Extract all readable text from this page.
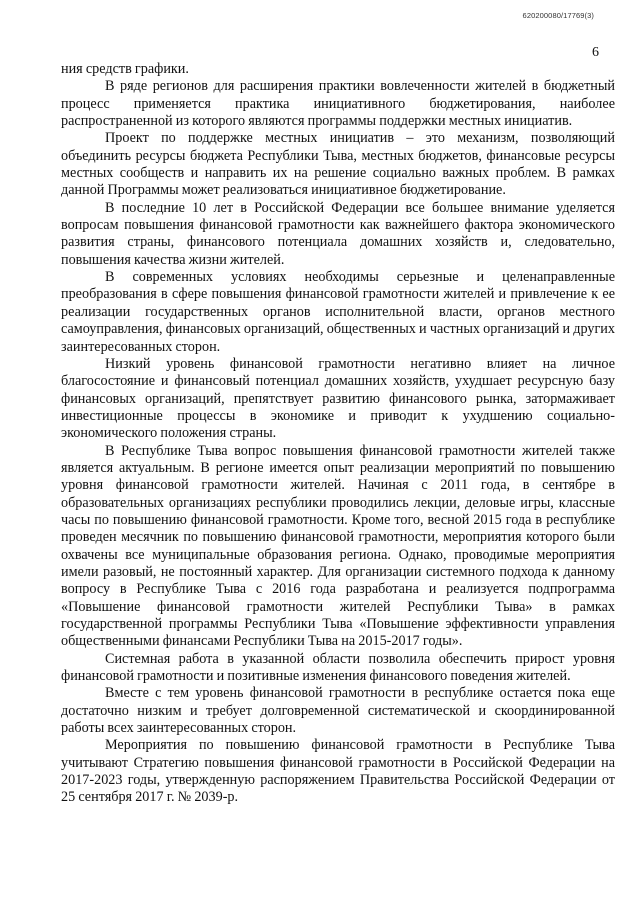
620200080/17769(3)
6

ния средств графики.

В ряде регионов для расширения практики вовлеченности жителей в бюджетный процесс применяется практика инициативного бюджетирования, наиболее распространенной из которого являются программы поддержки местных инициатив.

Проект по поддержке местных инициатив – это механизм, позволяющий объединить ресурсы бюджета Республики Тыва, местных бюджетов, финансовые ресурсы местных сообществ и направить их на решение социально важных проблем. В рамках данной Программы может реализоваться инициативное бюджетирование.

В последние 10 лет в Российской Федерации все большее внимание уделяется вопросам повышения финансовой грамотности как важнейшего фактора экономического развития страны, финансового потенциала домашних хозяйств и, следовательно, повышения качества жизни жителей.

В современных условиях необходимы серьезные и целенаправленные преобразования в сфере повышения финансовой грамотности жителей и привлечение к ее реализации государственных органов исполнительной власти, органов местного самоуправления, финансовых организаций, общественных и частных организаций и других заинтересованных сторон.

Низкий уровень финансовой грамотности негативно влияет на личное благосостояние и финансовый потенциал домашних хозяйств, ухудшает ресурсную базу финансовых организаций, препятствует развитию финансового рынка, затормаживает инвестиционные процессы в экономике и приводит к ухудшению социально-экономического положения страны.

В Республике Тыва вопрос повышения финансовой грамотности жителей также является актуальным. В регионе имеется опыт реализации мероприятий по повышению уровня финансовой грамотности жителей. Начиная с 2011 года, в сентябре в образовательных организациях республики проводились лекции, деловые игры, классные часы по повышению финансовой грамотности. Кроме того, весной 2015 года в республике проведен месячник по повышению финансовой грамотности, мероприятия которого были охвачены все муниципальные образования региона. Однако, проводимые мероприятия имели разовый, не постоянный характер. Для организации системного подхода к данному вопросу в Республике Тыва с 2016 года разработана и реализуется подпрограмма «Повышение финансовой грамотности жителей Республики Тыва» в рамках государственной программы Республики Тыва «Повышение эффективности управления общественными финансами Республики Тыва на 2015-2017 годы».

Системная работа в указанной области позволила обеспечить прирост уровня финансовой грамотности и позитивные изменения финансового поведения жителей.

Вместе с тем уровень финансовой грамотности в республике остается пока еще достаточно низким и требует долговременной систематической и скоординированной работы всех заинтересованных сторон.

Мероприятия по повышению финансовой грамотности в Республике Тыва учитывают Стратегию повышения финансовой грамотности в Российской Федерации на 2017-2023 годы, утвержденную распоряжением Правительства Российской Федерации от 25 сентября 2017 г. № 2039-р.
